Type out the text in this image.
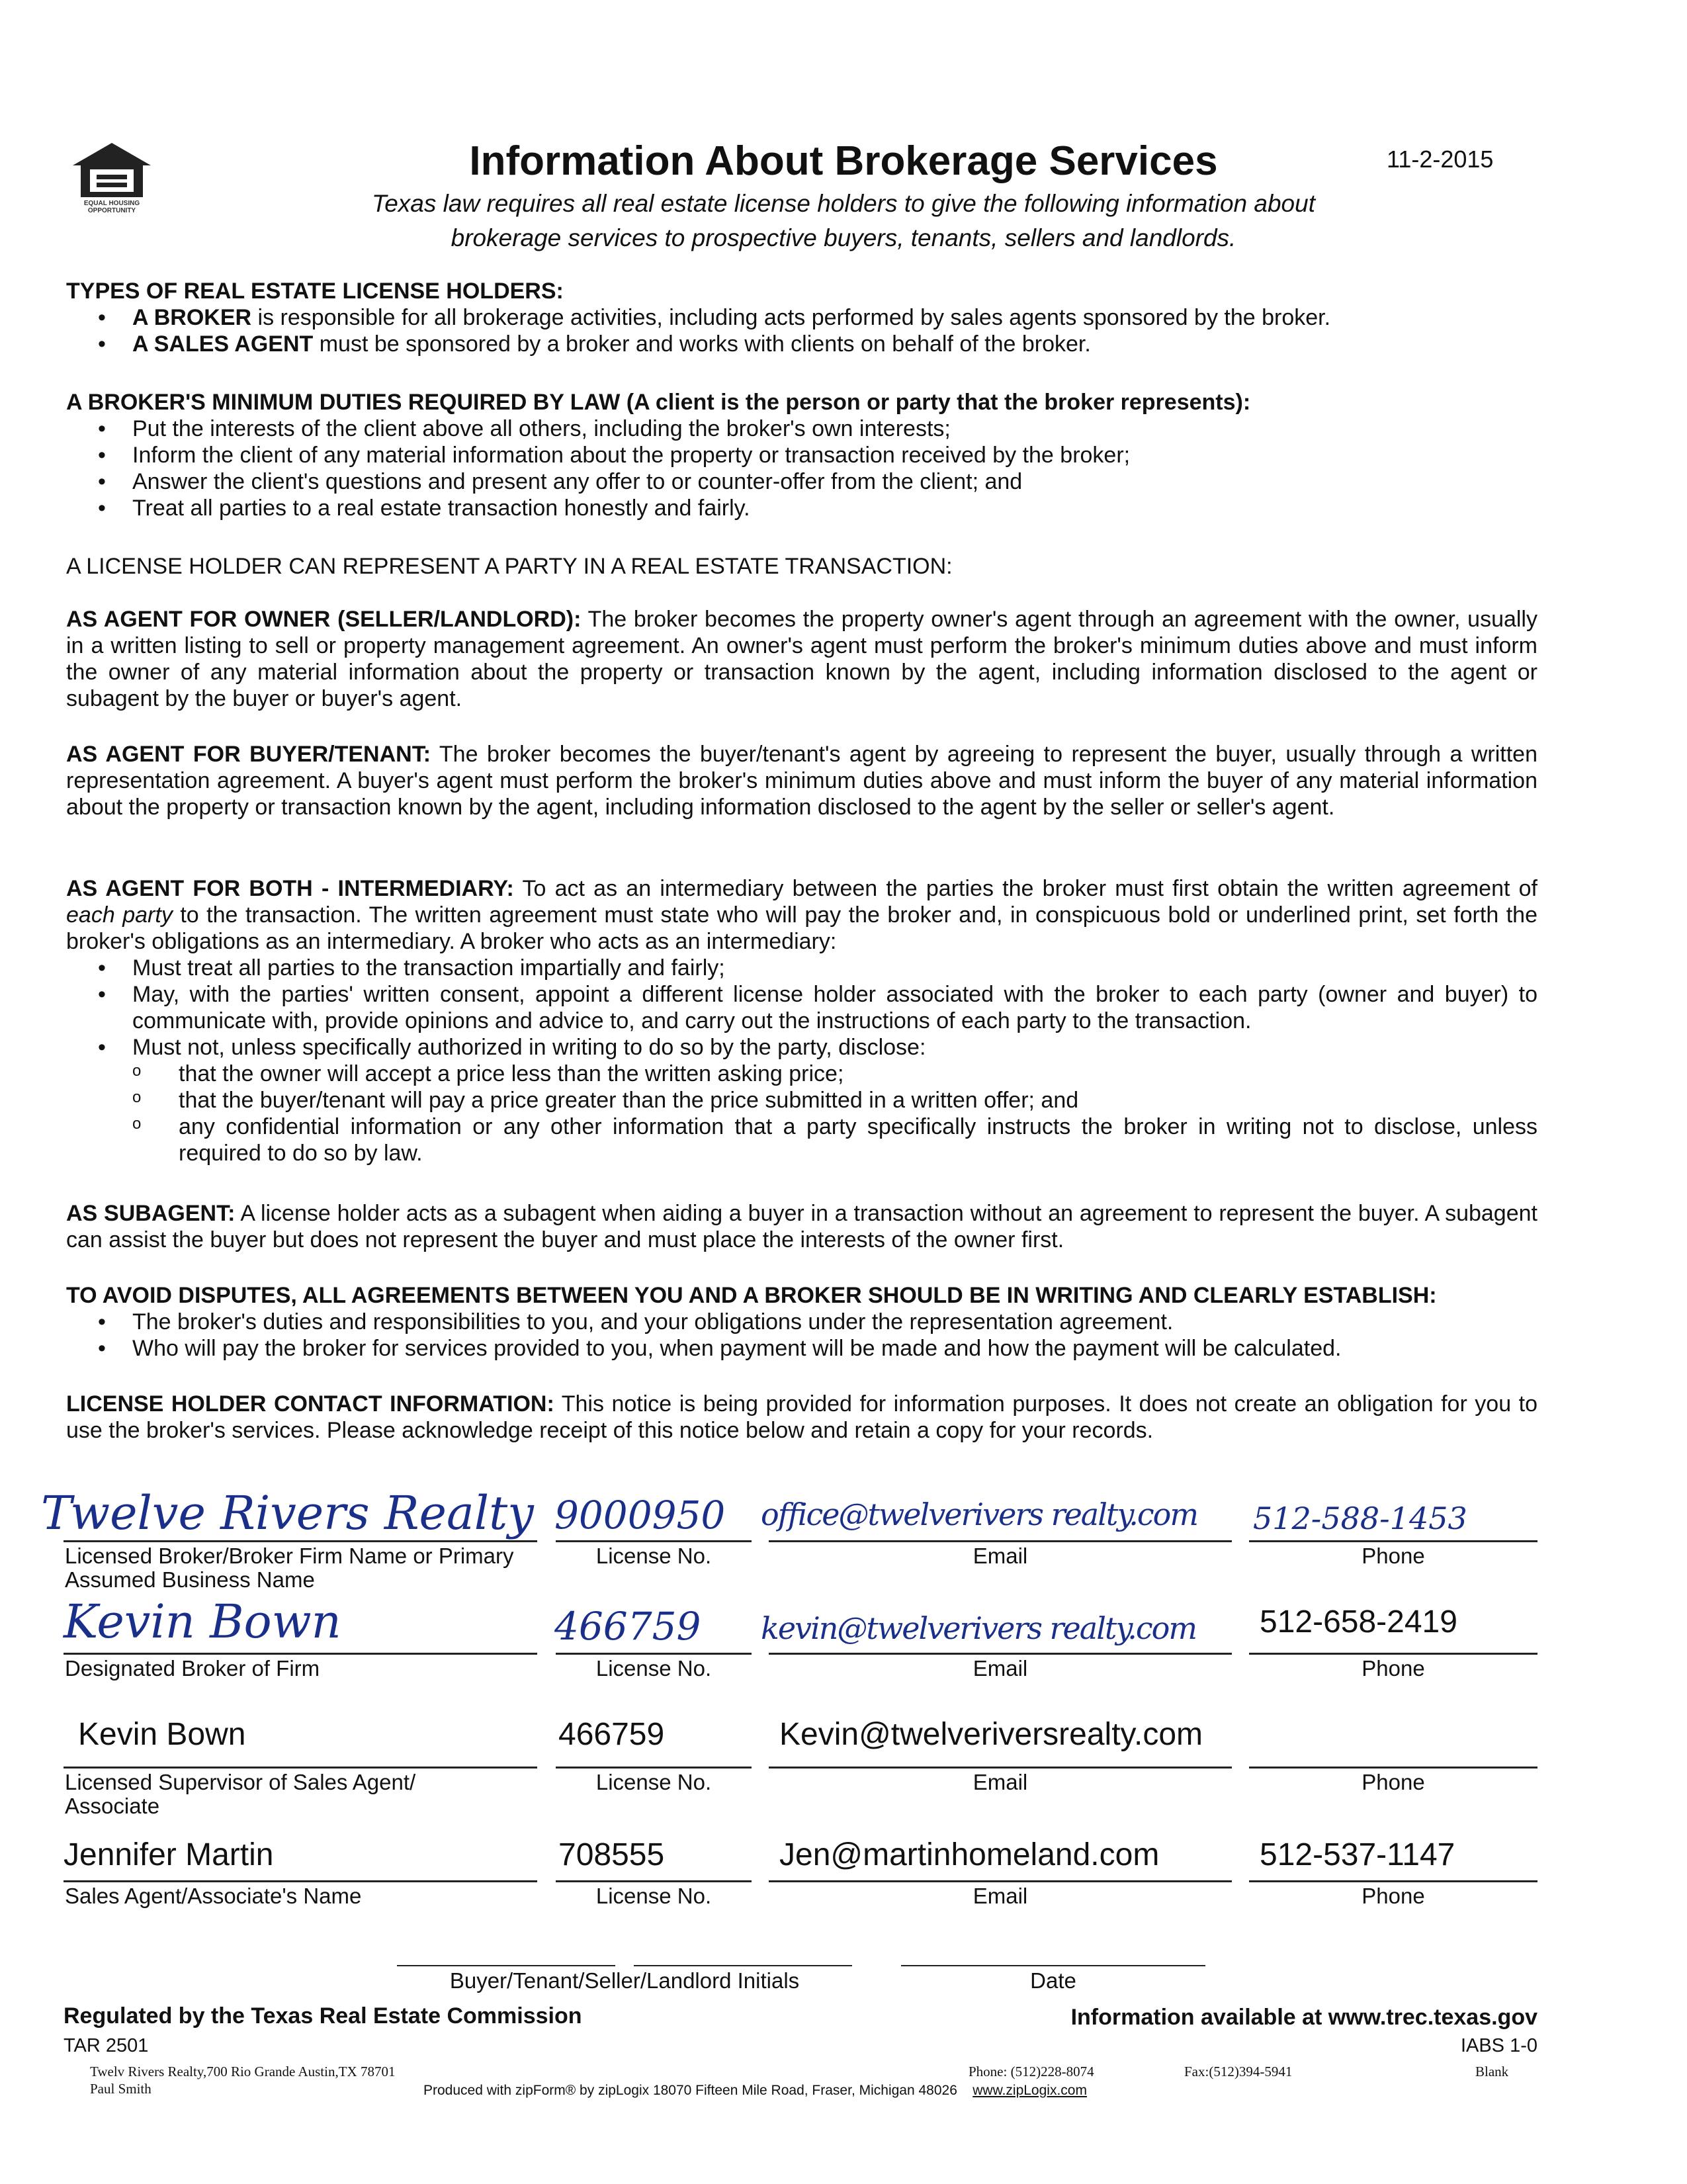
EQUAL HOUSING OPPORTUNITY
Information About Brokerage Services	11-2-2015
Texas law requires all real estate license holders to give the following information about
brokerage services to prospective buyers, tenants, sellers and landlords.
TYPES OF REAL ESTATE LICENSE HOLDERS:
• A BROKER is responsible for all brokerage activities, including acts performed by sales agents sponsored by the broker.
• A SALES AGENT must be sponsored by a broker and works with clients on behalf of the broker.
A BROKER'S MINIMUM DUTIES REQUIRED BY LAW (A client is the person or party that the broker represents):
• Put the interests of the client above all others, including the broker's own interests;
• Inform the client of any material information about the property or transaction received by the broker;
• Answer the client's questions and present any offer to or counter-offer from the client; and
• Treat all parties to a real estate transaction honestly and fairly.
A LICENSE HOLDER CAN REPRESENT A PARTY IN A REAL ESTATE TRANSACTION:
AS AGENT FOR OWNER (SELLER/LANDLORD): The broker becomes the property owner's agent through an agreement with the owner, usually in a written listing to sell or property management agreement. An owner's agent must perform the broker's minimum duties above and must inform the owner of any material information about the property or transaction known by the agent, including information disclosed to the agent or subagent by the buyer or buyer's agent.
AS AGENT FOR BUYER/TENANT: The broker becomes the buyer/tenant's agent by agreeing to represent the buyer, usually through a written representation agreement. A buyer's agent must perform the broker's minimum duties above and must inform the buyer of any material information about the property or transaction known by the agent, including information disclosed to the agent by the seller or seller's agent.
AS AGENT FOR BOTH - INTERMEDIARY: To act as an intermediary between the parties the broker must first obtain the written agreement of each party to the transaction. The written agreement must state who will pay the broker and, in conspicuous bold or underlined print, set forth the broker's obligations as an intermediary. A broker who acts as an intermediary:
• Must treat all parties to the transaction impartially and fairly;
• May, with the parties' written consent, appoint a different license holder associated with the broker to each party (owner and buyer) to communicate with, provide opinions and advice to, and carry out the instructions of each party to the transaction.
• Must not, unless specifically authorized in writing to do so by the party, disclose:
o that the owner will accept a price less than the written asking price;
o that the buyer/tenant will pay a price greater than the price submitted in a written offer; and
o any confidential information or any other information that a party specifically instructs the broker in writing not to disclose, unless required to do so by law.
AS SUBAGENT: A license holder acts as a subagent when aiding a buyer in a transaction without an agreement to represent the buyer. A subagent can assist the buyer but does not represent the buyer and must place the interests of the owner first.
TO AVOID DISPUTES, ALL AGREEMENTS BETWEEN YOU AND A BROKER SHOULD BE IN WRITING AND CLEARLY ESTABLISH:
• The broker's duties and responsibilities to you, and your obligations under the representation agreement.
• Who will pay the broker for services provided to you, when payment will be made and how the payment will be calculated.
LICENSE HOLDER CONTACT INFORMATION: This notice is being provided for information purposes. It does not create an obligation for you to use the broker's services. Please acknowledge receipt of this notice below and retain a copy for your records.
Twelve Rivers Realty 9000950 office@twelverivers realty.com 512-588-1453
Licensed Broker/Broker Firm Name or Primary Assumed Business Name
License No.	Email	Phone
Kevin Bown	466759 kevin@twelverivers realty.com 512-658-2419
Designated Broker of Firm	License No.	Email	Phone
Kevin Bown	466759	Kevin@twelveriversrealty.com
Licensed Supervisor of Sales Agent/ Associate
License No.	Email	Phone
Jennifer Martin	708555	Jen@martinhomeland.com	512-537-1147
Sales Agent/Associate's Name	License No.	Email	Phone
Buyer/Tenant/Seller/Landlord Initials	Date
Regulated by the Texas Real Estate Commission	Information available at www.trec.texas.gov
TAR 2501	IABS 1-0
Twelv Rivers Realty,700 Rio Grande Austin,TX 78701
Paul Smith
Phone: (512)228-8074	Fax:(512)394-5941	Blank
Produced with zipForm® by zipLogix 18070 Fifteen Mile Road, Fraser, Michigan 48026 www.zipLogix.com
